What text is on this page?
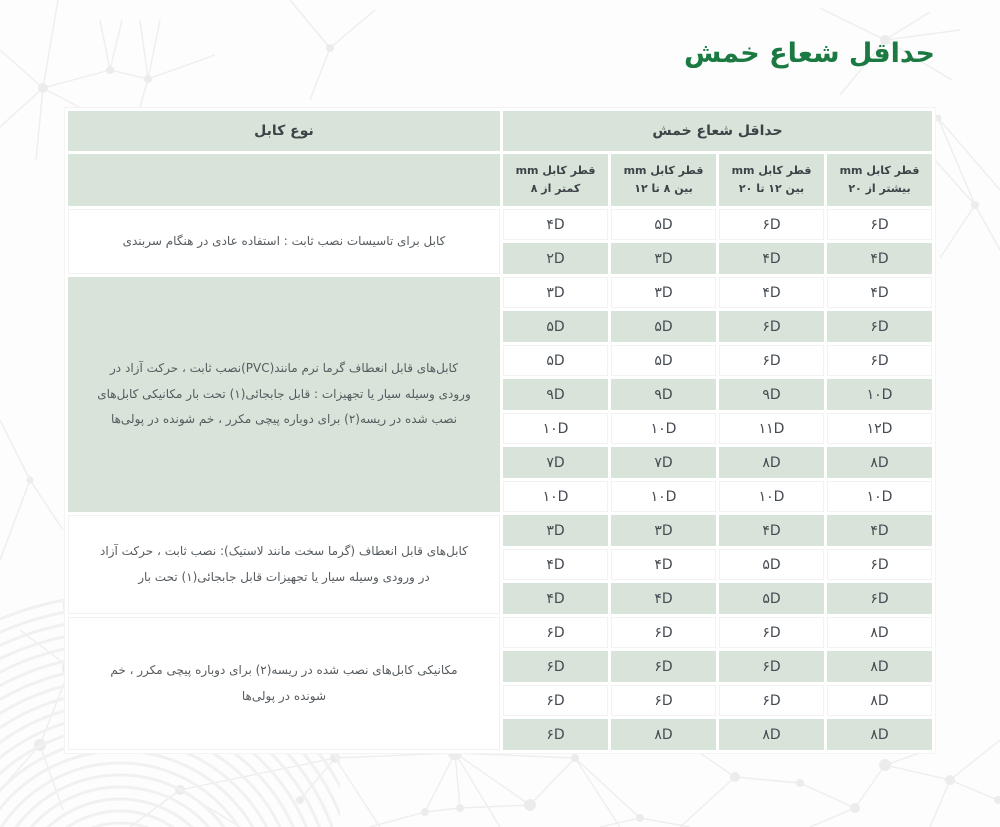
حداقل شعاع خمش
حداقل شعاع خمش				نوع کابل
قطر کابل mm بیشتر از ۲۰	قطر کابل mm بین ۱۲ تا ۲۰	قطر کابل mm بین ۸ تا ۱۲	قطر کابل mm کمتر از ۸	
۶D	۶D	۵D	۴D	کابل برای تاسیسات نصب ثابت : استفاده عادی در هنگام سربندی
۴D	۴D	۳D	۲D	
۴D	۴D	۳D	۳D	کابل‌های قابل انعطاف گرما نرم مانند(PVC)نصب ثابت ، حرکت آزاد در ورودی وسیله سیار یا تجهیزات : قابل جابجائی(۱) تحت بار مکانیکی کابل‌های نصب شده در ریسه(۲) برای دوباره پیچی مکرر ، خم شونده در پولی‌ها
۶D	۶D	۵D	۵D	
۶D	۶D	۵D	۵D	
۱۰D	۹D	۹D	۹D	
۱۲D	۱۱D	۱۰D	۱۰D	
۸D	۸D	۷D	۷D	
۱۰D	۱۰D	۱۰D	۱۰D	
۴D	۴D	۳D	۳D	کابل‌های قابل انعطاف (گرما سخت مانند لاستیک): نصب ثابت ، حرکت آزاد در ورودی وسیله سیار یا تجهیزات قابل جابجائی(۱) تحت بار
۶D	۵D	۴D	۴D	
۶D	۵D	۴D	۴D	
۸D	۶D	۶D	۶D	مکانیکی کابل‌های نصب شده در ریسه(۲) برای دوباره پیچی مکرر ، خم شونده در پولی‌ها
۸D	۶D	۶D	۶D	
۸D	۶D	۶D	۶D	
۸D	۸D	۸D	۶D	
